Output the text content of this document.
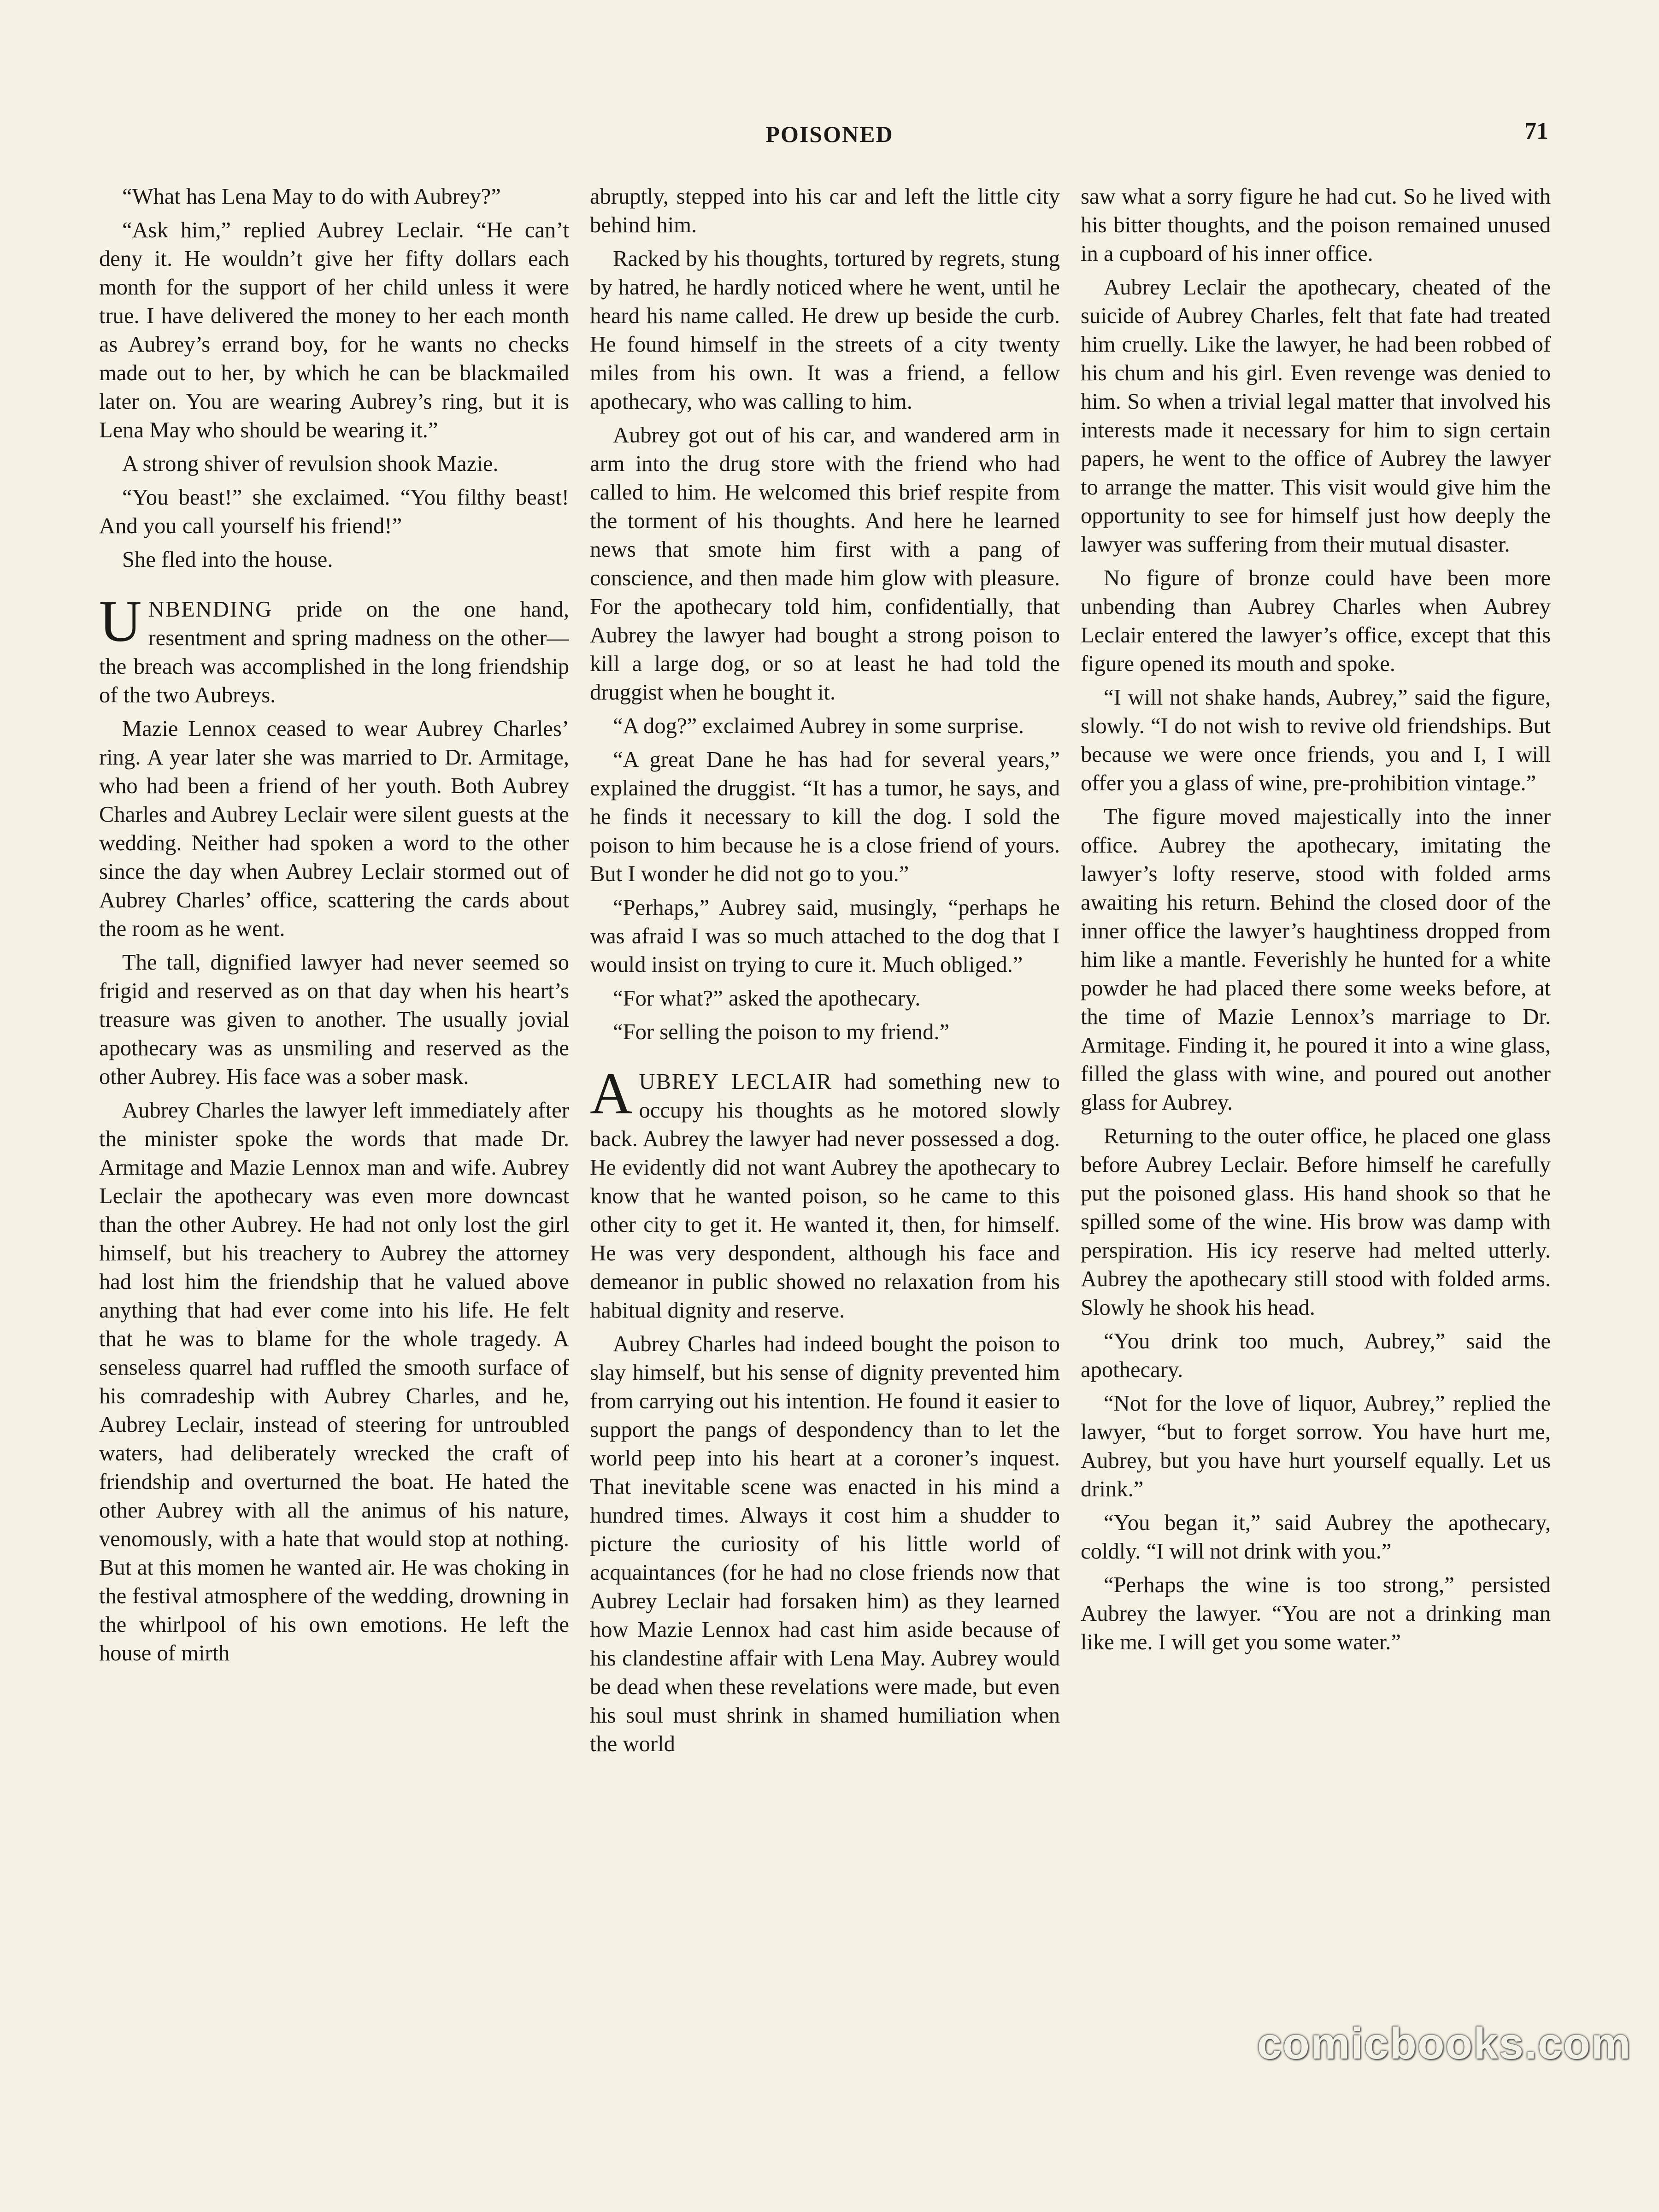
POISONED	71

“What has Lena May to do with Aubrey?”

“Ask him,” replied Aubrey Leclair. “He can’t deny it. He wouldn’t give her fifty dollars each month for the support of her child unless it were true. I have delivered the money to her each month as Aubrey’s errand boy, for he wants no checks made out to her, by which he can be blackmailed later on. You are wearing Aubrey’s ring, but it is Lena May who should be wearing it.”

A strong shiver of revulsion shook Mazie.

“You beast!” she exclaimed. “You filthy beast! And you call yourself his friend!”

She fled into the house.

UNBENDING pride on the one hand, resentment and spring madness on the other—the breach was accomplished in the long friendship of the two Aubreys.

Mazie Lennox ceased to wear Aubrey Charles’ ring. A year later she was married to Dr. Armitage, who had been a friend of her youth. Both Aubrey Charles and Aubrey Leclair were silent guests at the wedding. Neither had spoken a word to the other since the day when Aubrey Leclair stormed out of Aubrey Charles’ office, scattering the cards about the room as he went.

The tall, dignified lawyer had never seemed so frigid and reserved as on that day when his heart’s treasure was given to another. The usually jovial apothecary was as unsmiling and reserved as the other Aubrey. His face was a sober mask.

Aubrey Charles the lawyer left immediately after the minister spoke the words that made Dr. Armitage and Mazie Lennox man and wife. Aubrey Leclair the apothecary was even more downcast than the other Aubrey. He had not only lost the girl himself, but his treachery to Aubrey the attorney had lost him the friendship that he valued above anything that had ever come into his life. He felt that he was to blame for the whole tragedy. A senseless quarrel had ruffled the smooth surface of his comradeship with Aubrey Charles, and he, Aubrey Leclair, instead of steering for untroubled waters, had deliberately wrecked the craft of friendship and overturned the boat. He hated the other Aubrey with all the animus of his nature, venomously, with a hate that would stop at nothing. But at this momen he wanted air. He was choking in the festival atmosphere of the wedding, drowning in the whirlpool of his own emotions. He left the house of mirth

abruptly, stepped into his car and left the little city behind him.

Racked by his thoughts, tortured by regrets, stung by hatred, he hardly noticed where he went, until he heard his name called. He drew up beside the curb. He found himself in the streets of a city twenty miles from his own. It was a friend, a fellow apothecary, who was calling to him.

Aubrey got out of his car, and wandered arm in arm into the drug store with the friend who had called to him. He welcomed this brief respite from the torment of his thoughts. And here he learned news that smote him first with a pang of conscience, and then made him glow with pleasure. For the apothecary told him, confidentially, that Aubrey the lawyer had bought a strong poison to kill a large dog, or so at least he had told the druggist when he bought it.

“A dog?” exclaimed Aubrey in some surprise.

“A great Dane he has had for several years,” explained the druggist. “It has a tumor, he says, and he finds it necessary to kill the dog. I sold the poison to him because he is a close friend of yours. But I wonder he did not go to you.”

“Perhaps,” Aubrey said, musingly, “perhaps he was afraid I was so much attached to the dog that I would insist on trying to cure it. Much obliged.”

“For what?” asked the apothecary.

“For selling the poison to my friend.”

AUBREY LECLAIR had something new to occupy his thoughts as he motored slowly back. Aubrey the lawyer had never possessed a dog. He evidently did not want Aubrey the apothecary to know that he wanted poison, so he came to this other city to get it. He wanted it, then, for himself. He was very despondent, although his face and demeanor in public showed no relaxation from his habitual dignity and reserve.

Aubrey Charles had indeed bought the poison to slay himself, but his sense of dignity prevented him from carrying out his intention. He found it easier to support the pangs of despondency than to let the world peep into his heart at a coroner’s inquest. That inevitable scene was enacted in his mind a hundred times. Always it cost him a shudder to picture the curiosity of his little world of acquaintances (for he had no close friends now that Aubrey Leclair had forsaken him) as they learned how Mazie Lennox had cast him aside because of his clandestine affair with Lena May. Aubrey would be dead when these revelations were made, but even his soul must shrink in shamed humiliation when the world

saw what a sorry figure he had cut. So he lived with his bitter thoughts, and the poison remained unused in a cupboard of his inner office.

Aubrey Leclair the apothecary, cheated of the suicide of Aubrey Charles, felt that fate had treated him cruelly. Like the lawyer, he had been robbed of his chum and his girl. Even revenge was denied to him. So when a trivial legal matter that involved his interests made it necessary for him to sign certain papers, he went to the office of Aubrey the lawyer to arrange the matter. This visit would give him the opportunity to see for himself just how deeply the lawyer was suffering from their mutual disaster.

No figure of bronze could have been more unbending than Aubrey Charles when Aubrey Leclair entered the lawyer’s office, except that this figure opened its mouth and spoke.

“I will not shake hands, Aubrey,” said the figure, slowly. “I do not wish to revive old friendships. But because we were once friends, you and I, I will offer you a glass of wine, pre-prohibition vintage.”

The figure moved majestically into the inner office. Aubrey the apothecary, imitating the lawyer’s lofty reserve, stood with folded arms awaiting his return. Behind the closed door of the inner office the lawyer’s haughtiness dropped from him like a mantle. Feverishly he hunted for a white powder he had placed there some weeks before, at the time of Mazie Lennox’s marriage to Dr. Armitage. Finding it, he poured it into a wine glass, filled the glass with wine, and poured out another glass for Aubrey.

Returning to the outer office, he placed one glass before Aubrey Leclair. Before himself he carefully put the poisoned glass. His hand shook so that he spilled some of the wine. His brow was damp with perspiration. His icy reserve had melted utterly. Aubrey the apothecary still stood with folded arms. Slowly he shook his head.

“You drink too much, Aubrey,” said the apothecary.

“Not for the love of liquor, Aubrey,” replied the lawyer, “but to forget sorrow. You have hurt me, Aubrey, but you have hurt yourself equally. Let us drink.”

“You began it,” said Aubrey the apothecary, coldly. “I will not drink with you.”

“Perhaps the wine is too strong,” persisted Aubrey the lawyer. “You are not a drinking man like me. I will get you some water.”

comicbooks.com
